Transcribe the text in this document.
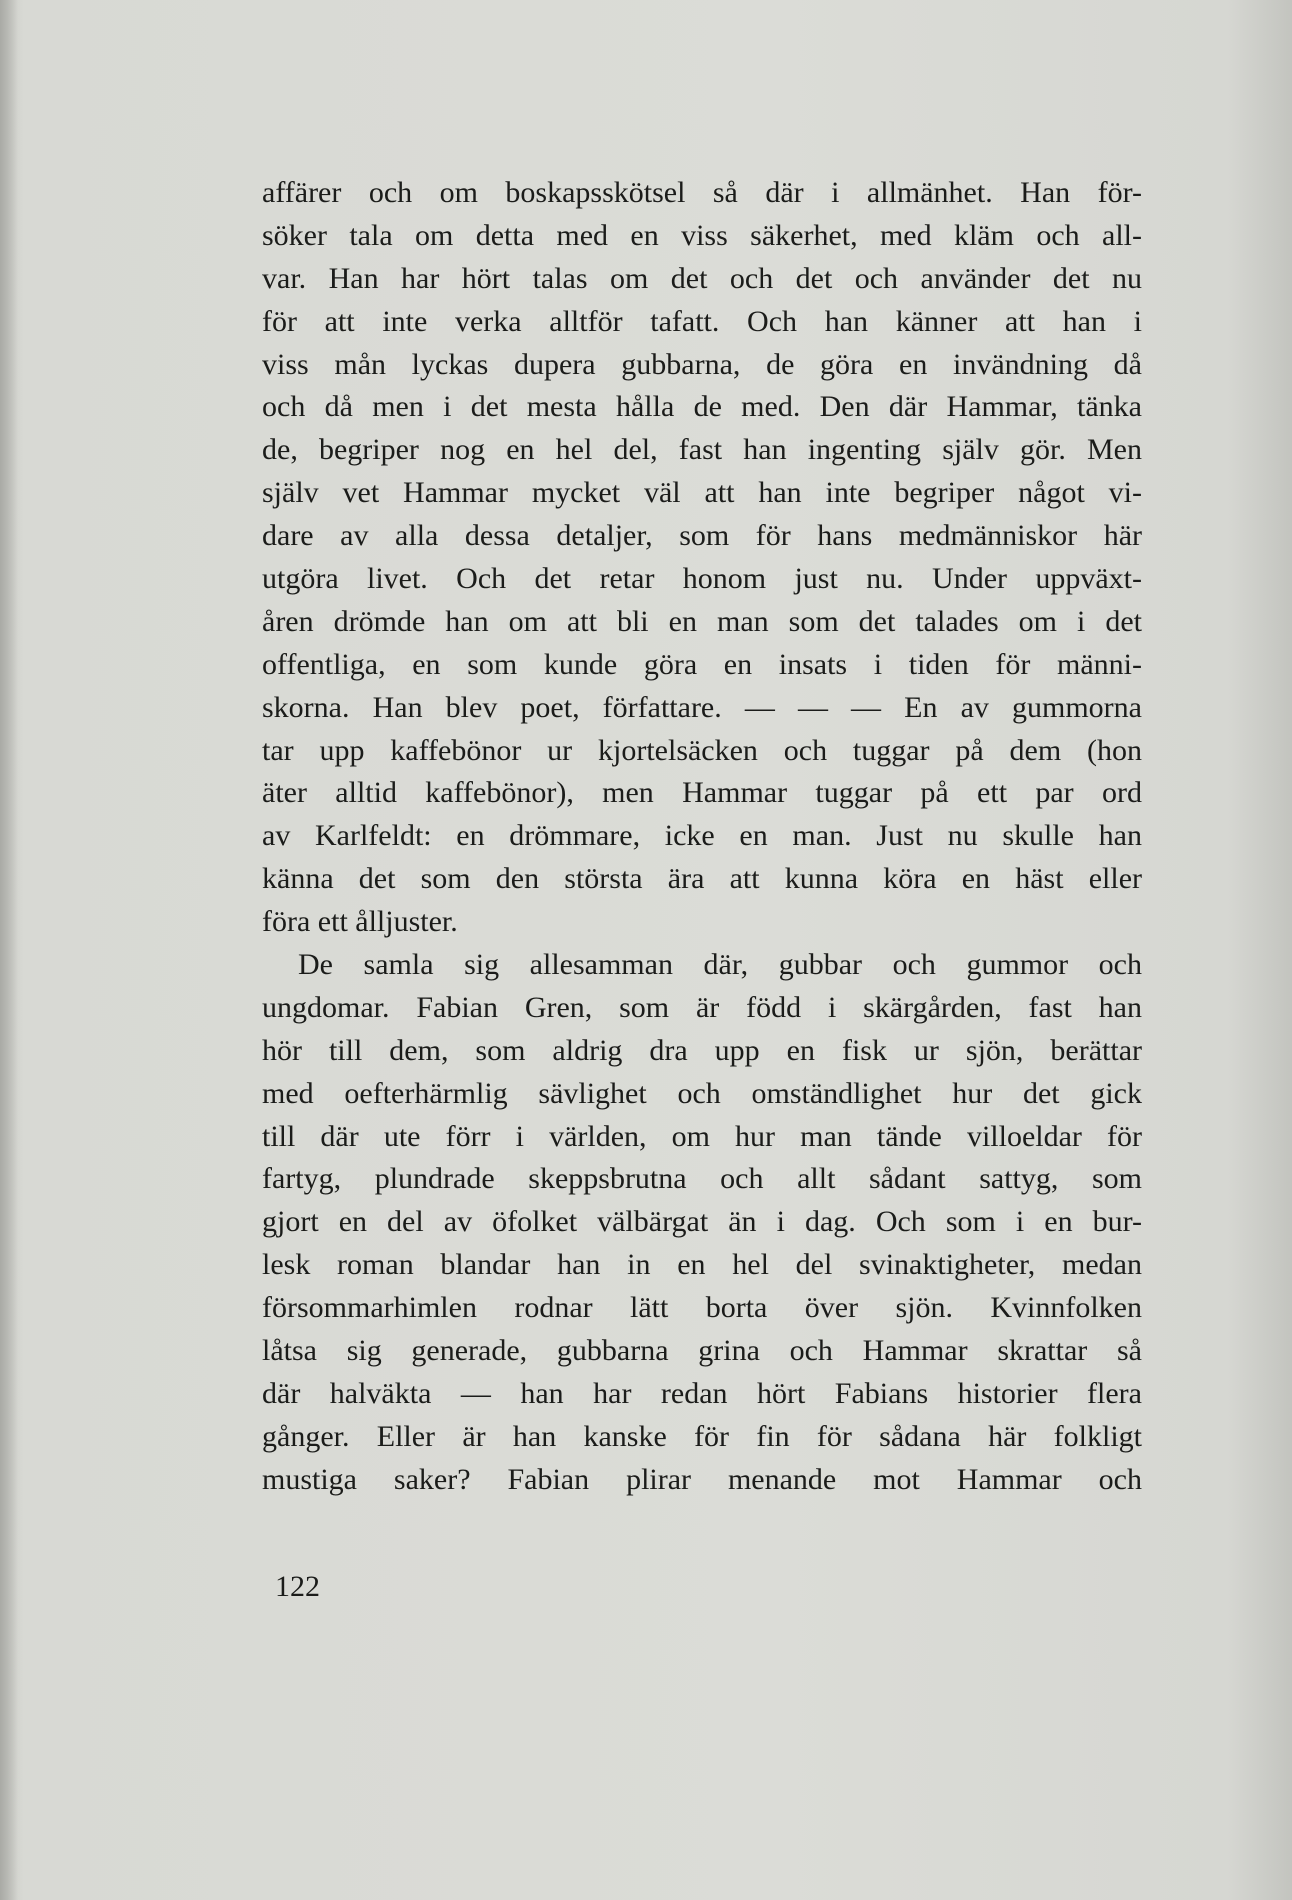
affärer och om boskapsskötsel så där i allmänhet. Han för-
söker tala om detta med en viss säkerhet, med kläm och all-
var. Han har hört talas om det och det och använder det nu
för att inte verka alltför tafatt. Och han känner att han i
viss mån lyckas dupera gubbarna, de göra en invändning då
och då men i det mesta hålla de med. Den där Hammar, tänka
de, begriper nog en hel del, fast han ingenting själv gör. Men
själv vet Hammar mycket väl att han inte begriper något vi-
dare av alla dessa detaljer, som för hans medmänniskor här
utgöra livet. Och det retar honom just nu. Under uppväxt-
åren drömde han om att bli en man som det talades om i det
offentliga, en som kunde göra en insats i tiden för männi-
skorna. Han blev poet, författare. — — — En av gummorna
tar upp kaffebönor ur kjortelsäcken och tuggar på dem (hon
äter alltid kaffebönor), men Hammar tuggar på ett par ord
av Karlfeldt: en drömmare, icke en man. Just nu skulle han
känna det som den största ära att kunna köra en häst eller
föra ett ålljuster.
De samla sig allesamman där, gubbar och gummor och
ungdomar. Fabian Gren, som är född i skärgården, fast han
hör till dem, som aldrig dra upp en fisk ur sjön, berättar
med oefterhärmlig sävlighet och omständlighet hur det gick
till där ute förr i världen, om hur man tände villoeldar för
fartyg, plundrade skeppsbrutna och allt sådant sattyg, som
gjort en del av öfolket välbärgat än i dag. Och som i en bur-
lesk roman blandar han in en hel del svinaktigheter, medan
försommarhimlen rodnar lätt borta över sjön. Kvinnfolken
låtsa sig generade, gubbarna grina och Hammar skrattar så
där halväkta — han har redan hört Fabians historier flera
gånger. Eller är han kanske för fin för sådana här folkligt
mustiga saker? Fabian plirar menande mot Hammar och
122
